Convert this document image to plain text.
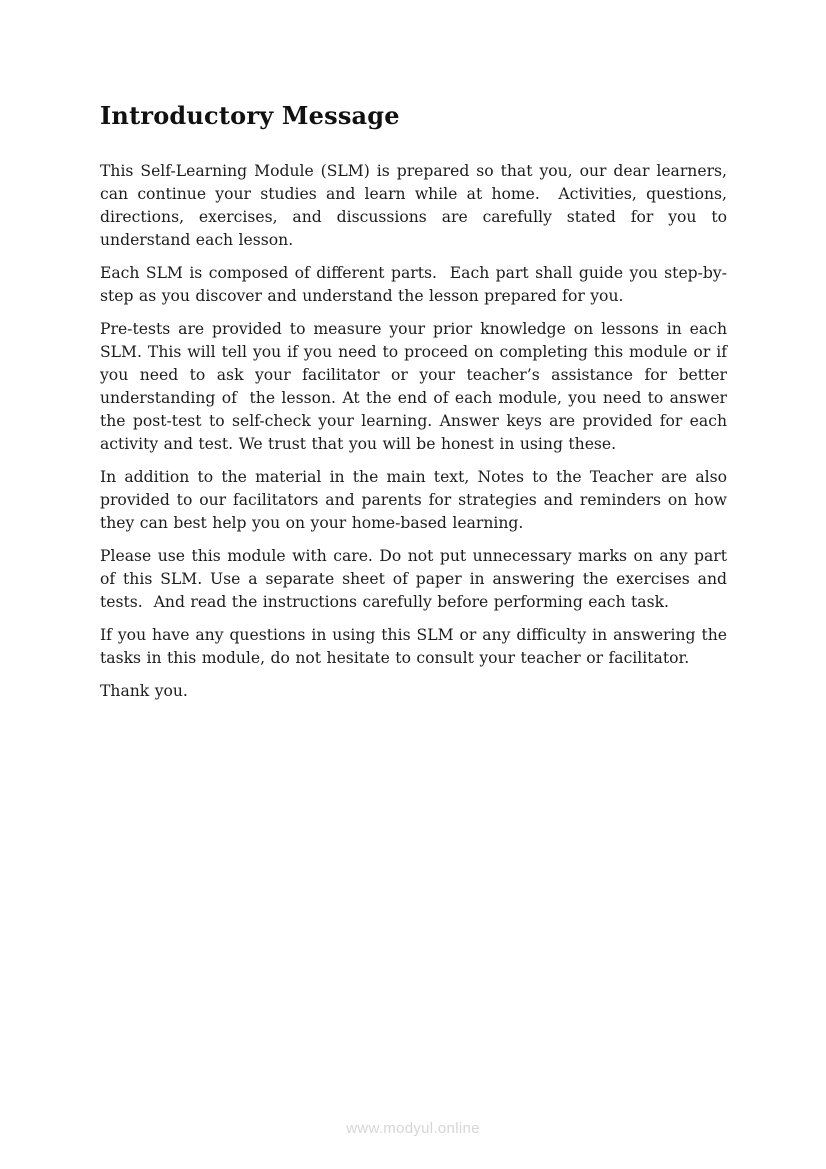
Introductory Message

This Self-Learning Module (SLM) is prepared so that you, our dear learners, can continue your studies and learn while at home.  Activities, questions, directions, exercises, and discussions are carefully stated for you to understand each lesson.

Each SLM is composed of different parts.  Each part shall guide you step-by-step as you discover and understand the lesson prepared for you.

Pre-tests are provided to measure your prior knowledge on lessons in each SLM. This will tell you if you need to proceed on completing this module or if you need to ask your facilitator or your teacher’s assistance for better understanding of  the lesson. At the end of each module, you need to answer the post-test to self-check your learning. Answer keys are provided for each activity and test. We trust that you will be honest in using these.

In addition to the material in the main text, Notes to the Teacher are also provided to our facilitators and parents for strategies and reminders on how they can best help you on your home-based learning.

Please use this module with care. Do not put unnecessary marks on any part of this SLM. Use a separate sheet of paper in answering the exercises and tests.  And read the instructions carefully before performing each task.

If you have any questions in using this SLM or any difficulty in answering the tasks in this module, do not hesitate to consult your teacher or facilitator.

Thank you.

www.modyul.online
